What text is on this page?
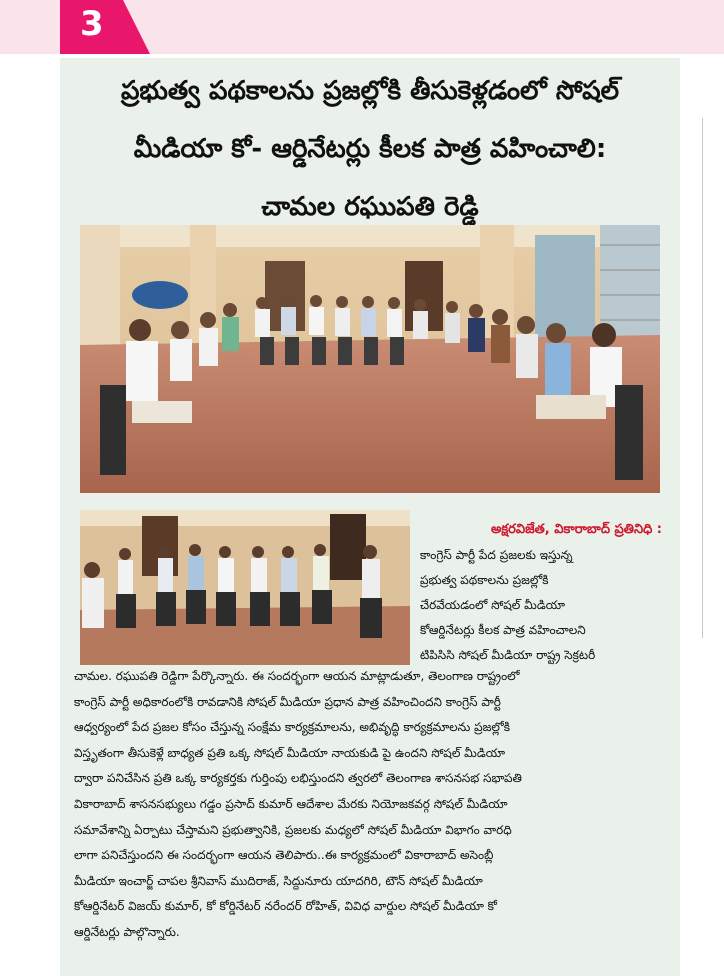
3
ప్రభుత్వ పథకాలను ప్రజల్లోకి తీసుకెళ్లడంలో సోషల్
మీడియా కో- ఆర్డినేటర్లు కీలక పాత్ర వహించాలి:
చామల రఘుపతి రెడ్డి
అక్షరవిజేత, వికారాబాద్ ప్రతినిధి :
కాంగ్రెస్ పార్టీ పేద ప్రజలకు ఇస్తున్న
ప్రభుత్వ పథకాలను ప్రజల్లోకి
చేరవేయడంలో సోషల్ మీడియా
కోఆర్డినేటర్లు కీలక పాత్ర వహించాలని
టిపిసిసి సోషల్ మీడియా రాష్ట్ర సెక్రటరీ
చామల. రఘుపతి రెడ్డిగా పేర్కొన్నారు. ఈ సందర్భంగా ఆయన మాట్లాడుతూ, తెలంగాణ రాష్ట్రంలో
కాంగ్రెస్ పార్టీ అధికారంలోకి రావడానికి సోషల్ మీడియా ప్రధాన పాత్ర వహించిందని కాంగ్రెస్ పార్టీ
ఆధ్వర్యంలో పేద ప్రజల కోసం చేస్తున్న సంక్షేమ కార్యక్రమాలను, అభివృద్ధి కార్యక్రమాలను ప్రజల్లోకి
విస్తృతంగా తీసుకెళ్లే బాధ్యత ప్రతి ఒక్క సోషల్ మీడియా నాయకుడి పై ఉందని సోషల్ మీడియా
ద్వారా పనిచేసిన ప్రతి ఒక్క కార్యకర్తకు గుర్తింపు లభిస్తుందని త్వరలో తెలంగాణ శాసనసభ సభాపతి
వికారాబాద్ శాసనసభ్యులు గడ్డం ప్రసాద్ కుమార్ ఆదేశాల మేరకు నియోజకవర్గ సోషల్ మీడియా
సమావేశాన్ని ఏర్పాటు చేస్తామని ప్రభుత్వానికి, ప్రజలకు మధ్యలో సోషల్ మీడియా విభాగం వారధి
లాగా పనిచేస్తుందని ఈ సందర్భంగా ఆయన తెలిపారు..ఈ కార్యక్రమంలో వికారాబాద్ అసెంబ్లీ
మీడియా ఇంచార్జ్ చాపల శ్రీనివాస్ ముదిరాజ్, సిద్దునూరు యాదగిరి, టౌన్ సోషల్ మీడియా
కోఆర్డినేటర్ విజయ్ కుమార్, కో కోర్డినేటర్ నరేందర్ రోహిత్, వివిధ వార్డుల సోషల్ మీడియా కో
ఆర్డినేటర్లు పాల్గొన్నారు.
